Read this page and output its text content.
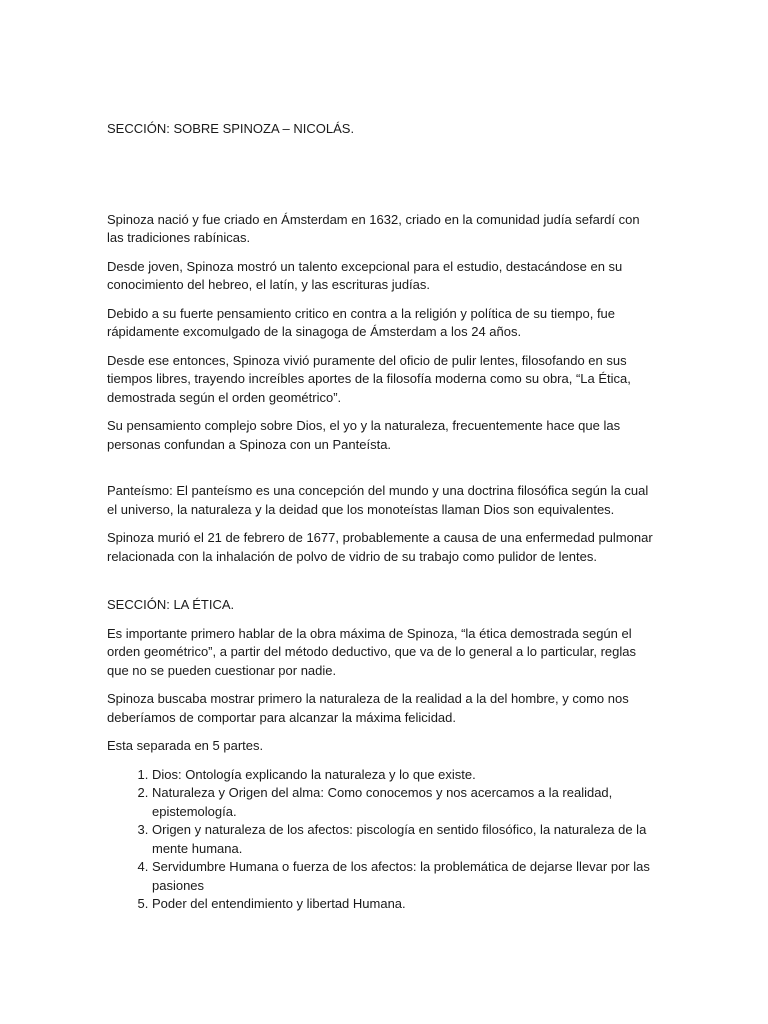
SECCIÓN: SOBRE SPINOZA – NICOLÁS.

Spinoza nació y fue criado en Ámsterdam en 1632, criado en la comunidad judía sefardí con las tradiciones rabínicas.

Desde joven, Spinoza mostró un talento excepcional para el estudio, destacándose en su conocimiento del hebreo, el latín, y las escrituras judías.

Debido a su fuerte pensamiento critico en contra a la religión y política de su tiempo, fue rápidamente excomulgado de la sinagoga de Ámsterdam a los 24 años.

Desde ese entonces, Spinoza vivió puramente del oficio de pulir lentes, filosofando en sus tiempos libres, trayendo increíbles aportes de la filosofía moderna como su obra, “La Ética, demostrada según el orden geométrico”.

Su pensamiento complejo sobre Dios, el yo y la naturaleza, frecuentemente hace que las personas confundan a Spinoza con un Panteísta.

Panteísmo: El panteísmo es una concepción del mundo y una doctrina filosófica según la cual el universo, la naturaleza y la deidad que los monoteístas llaman Dios son equivalentes.

Spinoza murió el 21 de febrero de 1677, probablemente a causa de una enfermedad pulmonar relacionada con la inhalación de polvo de vidrio de su trabajo como pulidor de lentes.

SECCIÓN: LA ÉTICA.

Es importante primero hablar de la obra máxima de Spinoza, “la ética demostrada según el orden geométrico”, a partir del método deductivo, que va de lo general a lo particular, reglas que no se pueden cuestionar por nadie.

Spinoza buscaba mostrar primero la naturaleza de la realidad a la del hombre, y como nos deberíamos de comportar para alcanzar la máxima felicidad.

Esta separada en 5 partes.

1. Dios: Ontología explicando la naturaleza y lo que existe.
2. Naturaleza y Origen del alma: Como conocemos y nos acercamos a la realidad, epistemología.
3. Origen y naturaleza de los afectos: piscología en sentido filosófico, la naturaleza de la mente humana.
4. Servidumbre Humana o fuerza de los afectos: la problemática de dejarse llevar por las pasiones
5. Poder del entendimiento y libertad Humana.
